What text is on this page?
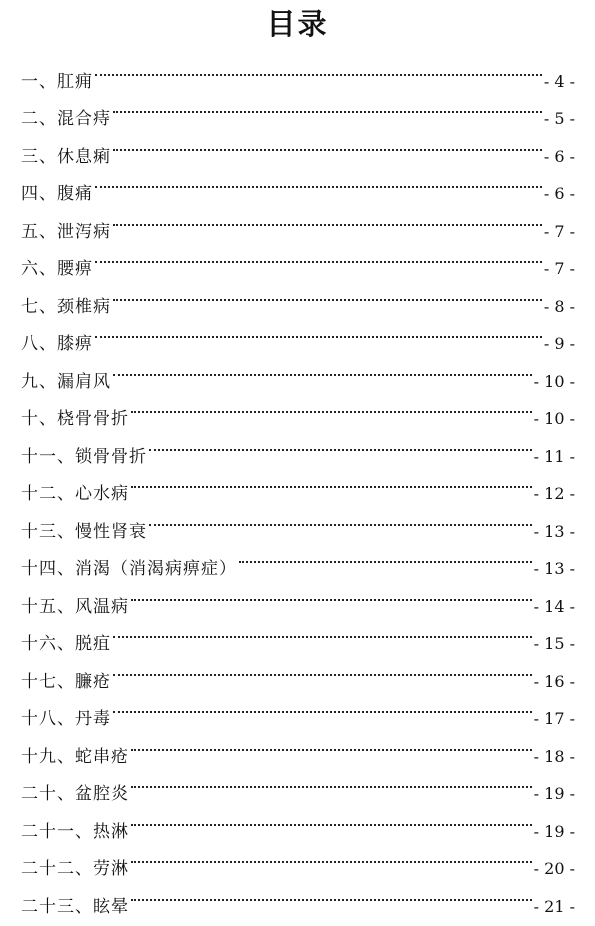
目录
一、肛痈	- 4 -
二、混合痔	- 5 -
三、休息痢	- 6 -
四、腹痛	- 6 -
五、泄泻病	- 7 -
六、腰痹	- 7 -
七、颈椎病	- 8 -
八、膝痹	- 9 -
九、漏肩风	- 10 -
十、桡骨骨折	- 10 -
十一、锁骨骨折	- 11 -
十二、心水病	- 12 -
十三、慢性肾衰	- 13 -
十四、消渴（消渴病痹症）	- 13 -
十五、风温病	- 14 -
十六、脱疽	- 15 -
十七、臁疮	- 16 -
十八、丹毒	- 17 -
十九、蛇串疮	- 18 -
二十、盆腔炎	- 19 -
二十一、热淋	- 19 -
二十二、劳淋	- 20 -
二十三、眩晕	- 21 -
